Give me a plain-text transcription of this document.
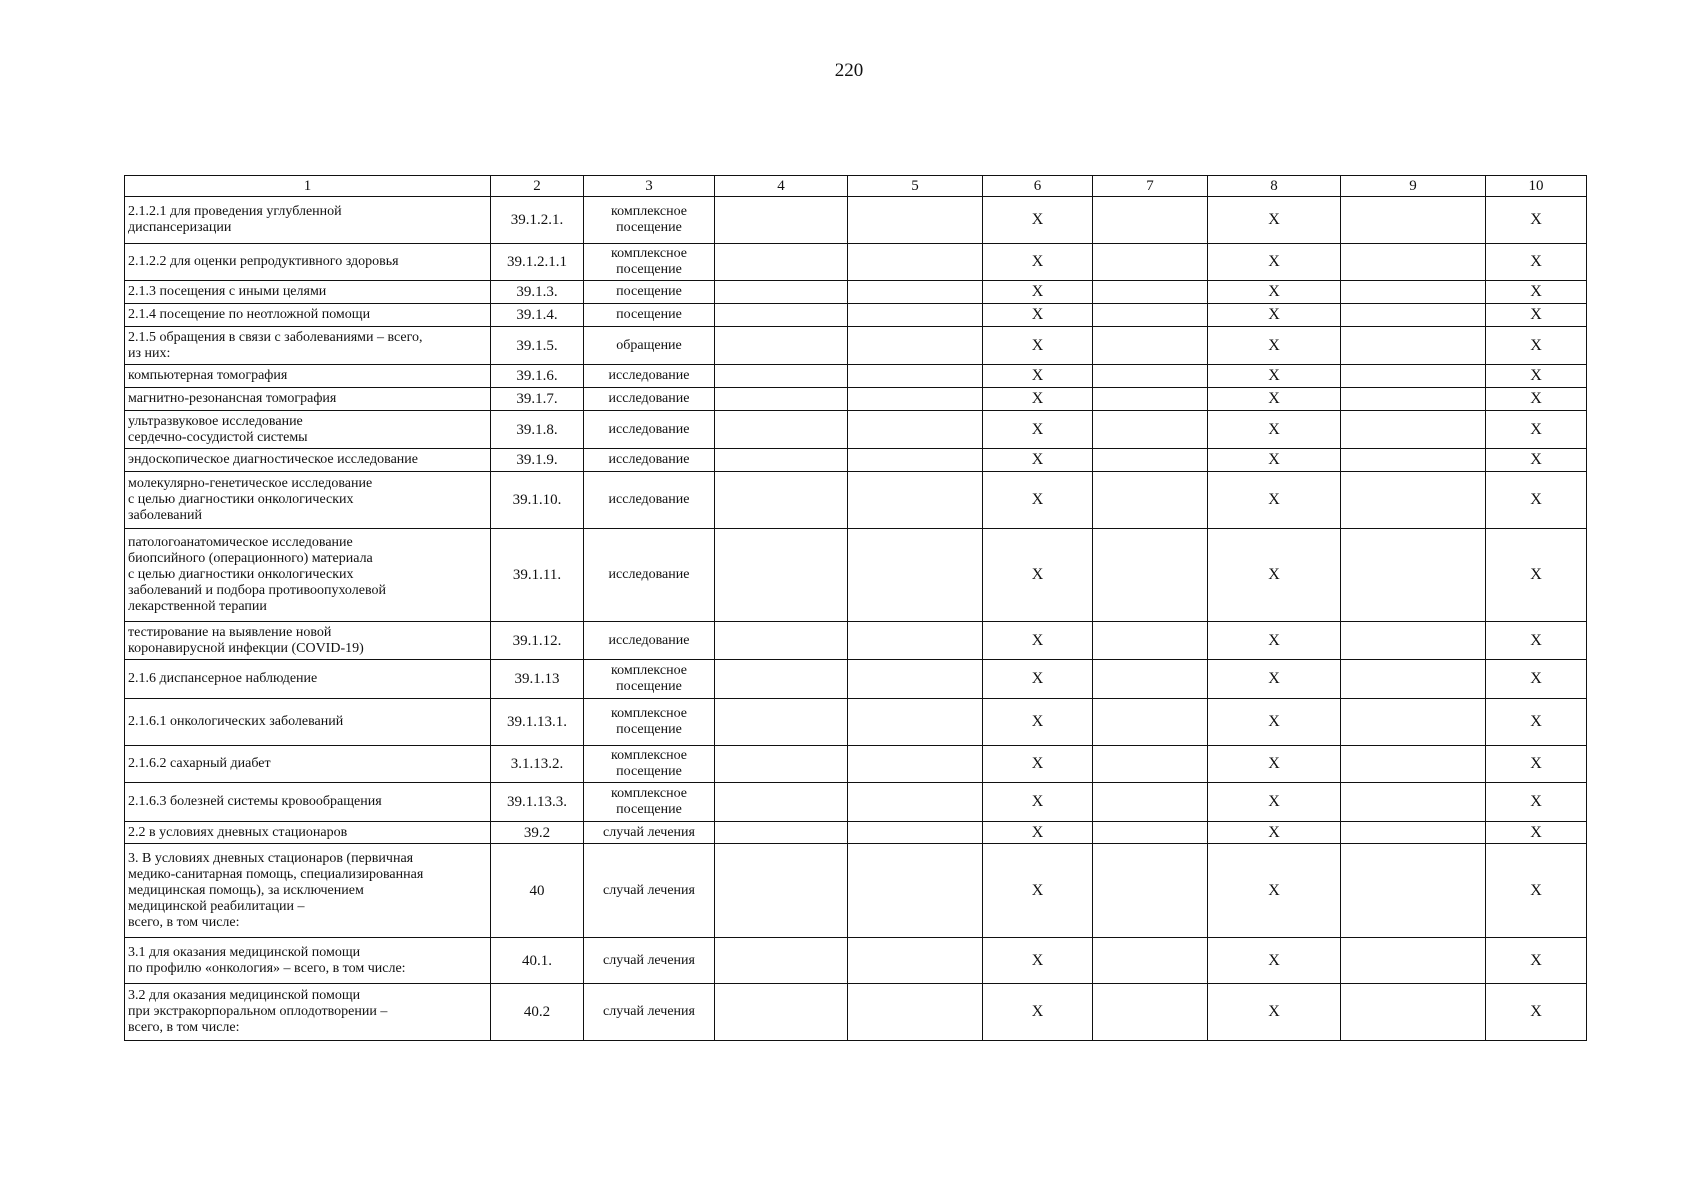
220
1	2	3	4	5	6	7	8	9	10

2.1.2.1 для проведения углубленной
диспансеризации	39.1.2.1.	комплексное посещение			Х		Х		Х

2.1.2.2 для оценки репродуктивного здоровья	39.1.2.1.1	комплексное посещение			Х		Х		Х

2.1.3 посещения с иными целями	39.1.3.	посещение			Х		Х		Х

2.1.4 посещение по неотложной помощи	39.1.4.	посещение			Х		Х		Х

2.1.5 обращения в связи с заболеваниями – всего,
из них:	39.1.5.	обращение			Х		Х		Х

компьютерная томография	39.1.6.	исследование			Х		Х		Х

магнитно-резонансная томография	39.1.7.	исследование			Х		Х		Х

ультразвуковое исследование
сердечно-сосудистой системы	39.1.8.	исследование			Х		Х		Х

эндоскопическое диагностическое исследование	39.1.9.	исследование			Х		Х		Х

молекулярно-генетическое исследование
с целью диагностики онкологических
заболеваний	39.1.10.	исследование			Х		Х		Х

патологоанатомическое исследование
биопсийного (операционного) материала
с целью диагностики онкологических
заболеваний и подбора противоопухолевой
лекарственной терапии	39.1.11.	исследование			Х		Х		Х

тестирование на выявление новой
коронавирусной инфекции (COVID-19)	39.1.12.	исследование			Х		Х		Х

2.1.6 диспансерное наблюдение	39.1.13	комплексное посещение			Х		Х		Х

2.1.6.1 онкологических заболеваний	39.1.13.1.	комплексное посещение			Х		Х		Х

2.1.6.2 сахарный диабет	3.1.13.2.	комплексное посещение			Х		Х		Х

2.1.6.3 болезней системы кровообращения	39.1.13.3.	комплексное посещение			Х		Х		Х

2.2 в условиях дневных стационаров	39.2	случай лечения			Х		Х		Х

3. В условиях дневных стационаров (первичная
медико-санитарная помощь, специализированная
медицинская помощь), за исключением
медицинской реабилитации –
всего, в том числе:	40	случай лечения			Х		Х		Х

3.1 для оказания медицинской помощи
по профилю «онкология» – всего, в том числе:	40.1.	случай лечения			Х		Х		Х

3.2 для оказания медицинской помощи
при экстракорпоральном оплодотворении –
всего, в том числе:	40.2	случай лечения			Х		Х		Х
